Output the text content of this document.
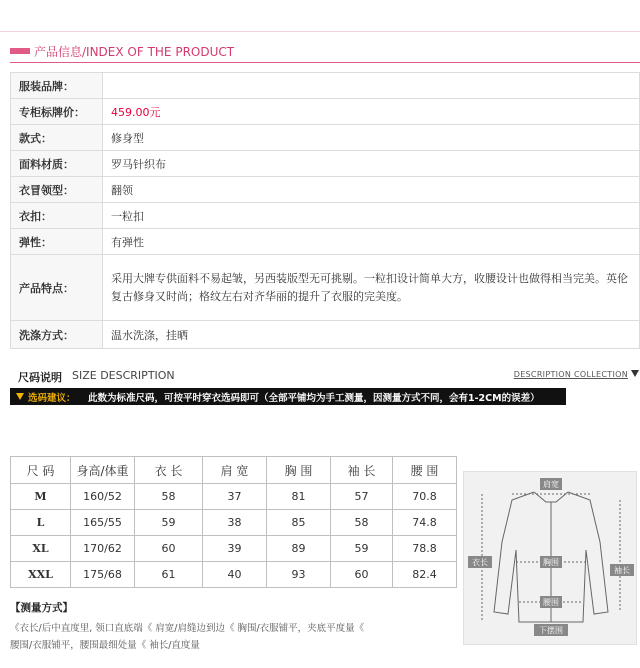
产品信息/INDEX OF THE PRODUCT
服装品牌：	
专柜标牌价：	459.00元
款式：	修身型
面料材质：	罗马针织布
衣冒领型：	翻领
衣扣：	一粒扣
弹性：	有弹性
产品特点：	采用大牌专供面料不易起皱，另西装版型无可挑剔。一粒扣设计简单大方，收腰设计也做得相当完美。英伦复古修身又时尚；格纹左右对齐华丽的提升了衣服的完美度。
洗涤方式：	温水洗涤，挂晒
尺码说明 SIZE DESCRIPTION	DESCRIPTION COLLECTION
选码建议： 此数为标准尺码，可按平时穿衣选码即可（全部平铺均为手工测量，因测量方式不同，会有1-2CM的误差）
尺 码	身高/体重	衣 长	肩 宽	胸 围	袖 长	腰 围
M	160/52	58	37	81	57	70.8
L	165/55	59	38	85	58	74.8
XL	170/62	60	39	89	59	78.8
XXL	175/68	61	40	93	60	82.4
肩宽
衣长	胸围
腰围
袖长
下摆围
【测量方式】
《衣长/后中直度里, 领口直底端《 肩宽/肩缝边到边《 胸围/衣服铺平，夹底平度量《
腰围/衣服铺平，腰围最细处量《 袖长/直度量
